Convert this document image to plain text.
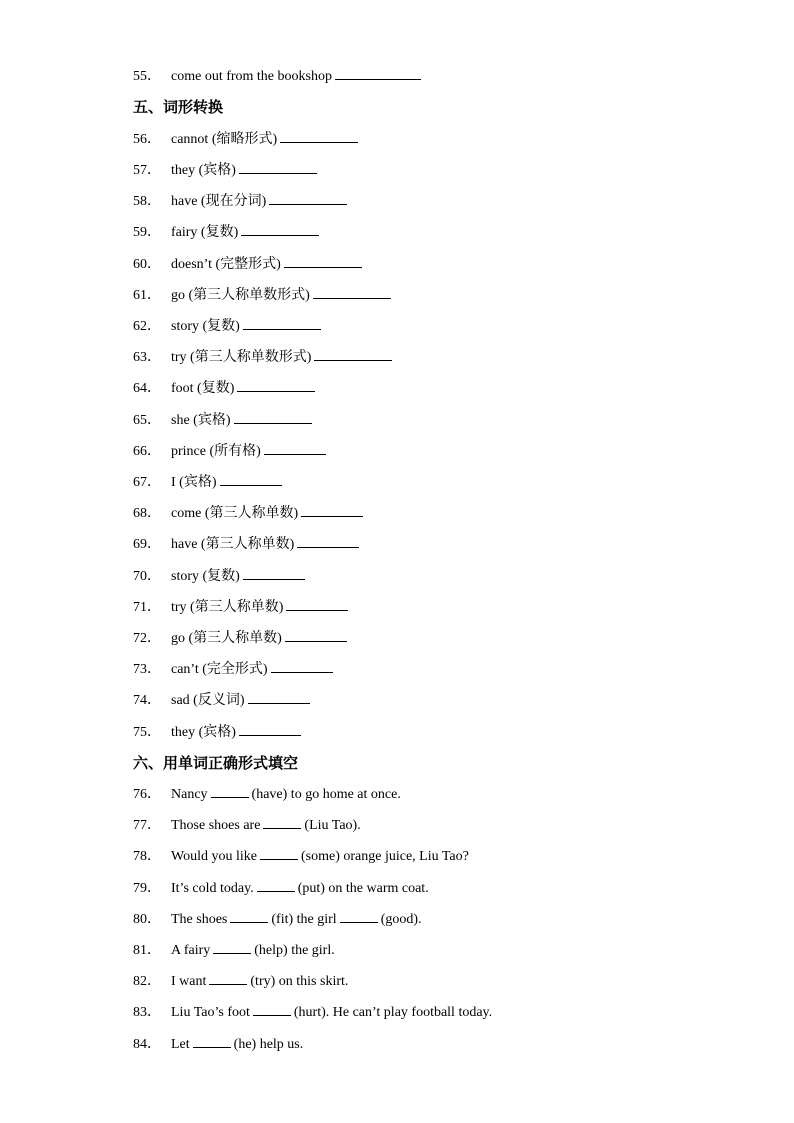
55． come out from the bookshop
五、词形转换
56． cannot (缩略形式)
57． they (宾格)
58． have (现在分词)
59． fairy (复数)
60． doesn’t (完整形式)
61． go (第三人称单数形式)
62． story (复数)
63． try (第三人称单数形式)
64． foot (复数)
65． she (宾格)
66． prince (所有格)
67． I (宾格)
68． come (第三人称单数)
69． have (第三人称单数)
70． story (复数)
71． try (第三人称单数)
72． go (第三人称单数)
73． can’t (完全形式)
74． sad (反义词)
75． they (宾格)
六、用单词正确形式填空
76． Nancy	(have) to go home at once.
77． Those shoes are	(Liu Tao).
78． Would you like	(some) orange juice, Liu Tao?
79． It’s cold today.	(put) on the warm coat.
80． The shoes	(fit) the girl	(good).
81． A fairy	(help) the girl.
82． I want	(try) on this skirt.
83． Liu Tao’s foot	(hurt). He can’t play football today.
84． Let	(he) help us.
